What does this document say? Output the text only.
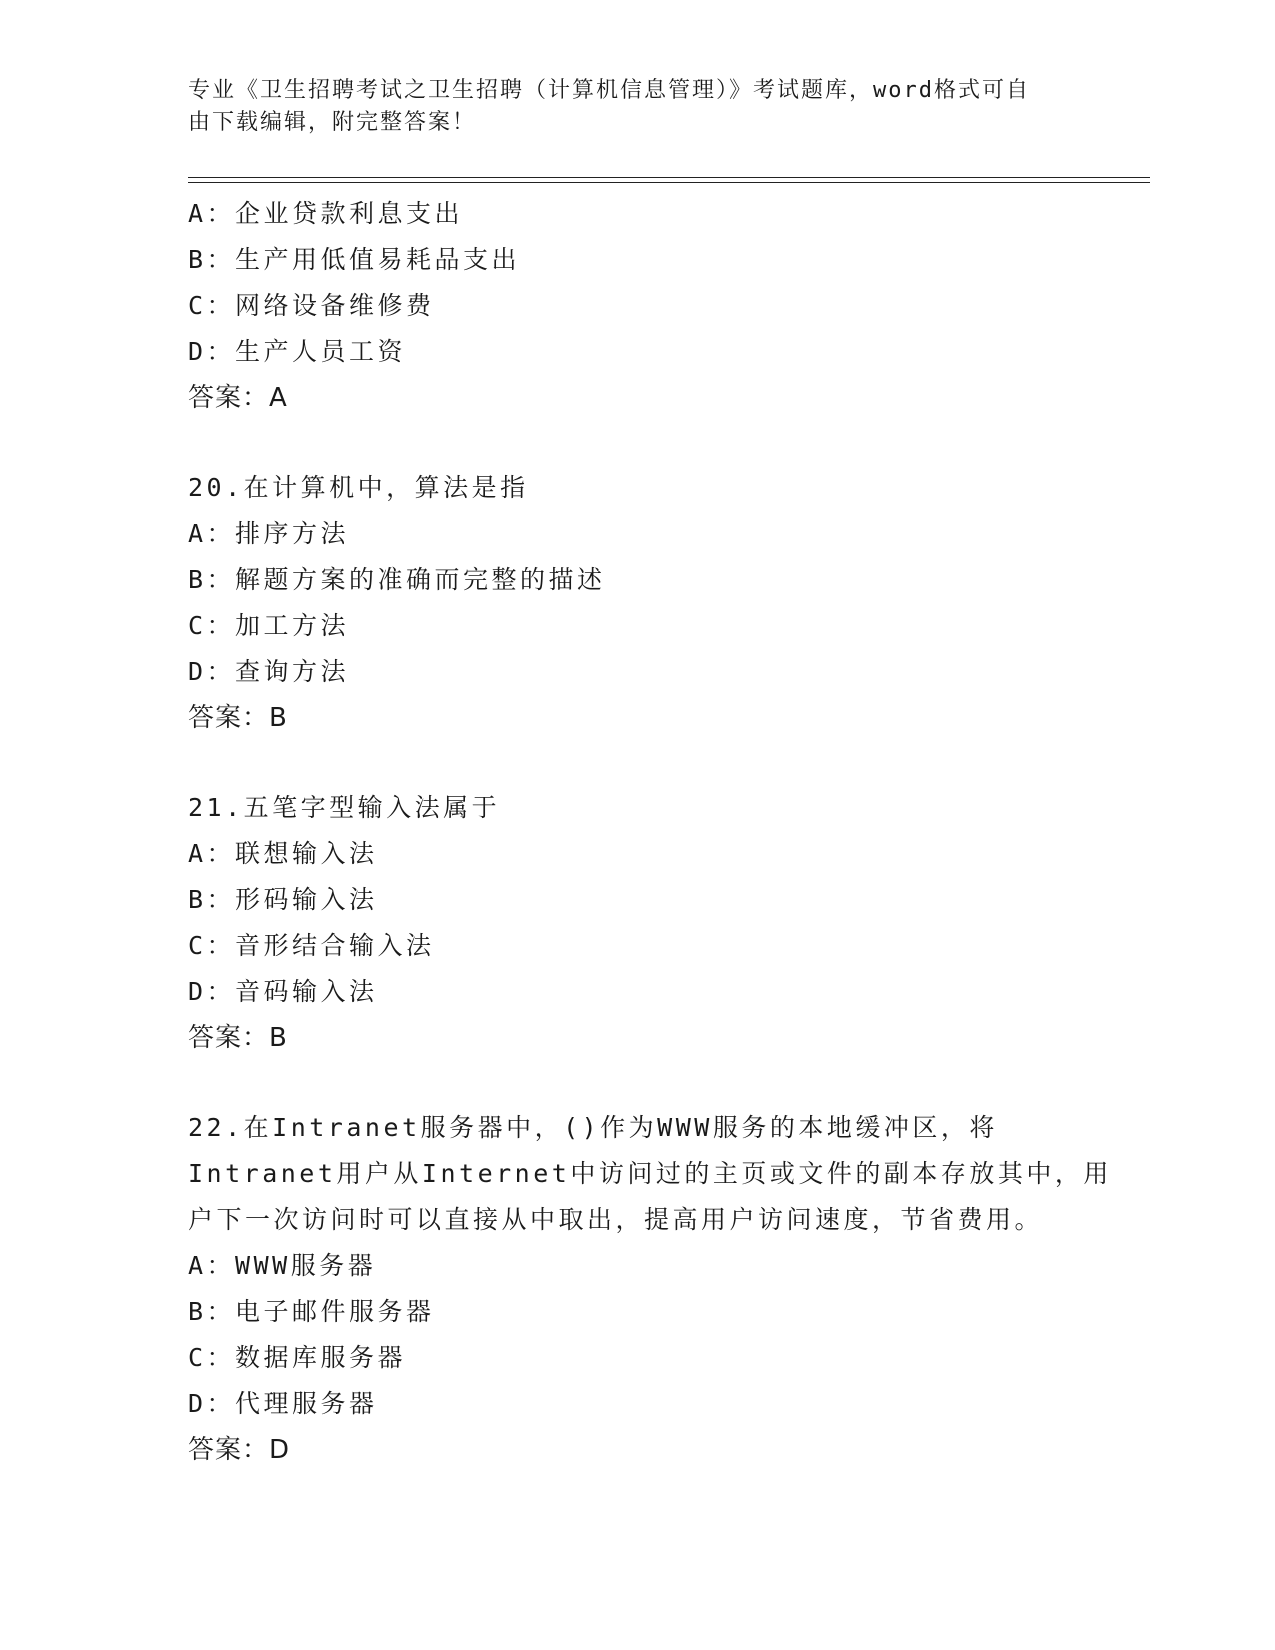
专业《卫生招聘考试之卫生招聘（计算机信息管理）》考试题库，word格式可自
由下载编辑，附完整答案！
A：企业贷款利息支出
B：生产用低值易耗品支出
C：网络设备维修费
D：生产人员工资
答案：A
20.在计算机中，算法是指
A：排序方法
B：解题方案的准确而完整的描述
C：加工方法
D：查询方法
答案：B
21.五笔字型输入法属于
A：联想输入法
B：形码输入法
C：音形结合输入法
D：音码输入法
答案：B
22.在Intranet服务器中，()作为WWW服务的本地缓冲区，将
Intranet用户从Internet中访问过的主页或文件的副本存放其中，用
户下一次访问时可以直接从中取出，提高用户访问速度，节省费用。
A：WWW服务器
B：电子邮件服务器
C：数据库服务器
D：代理服务器
答案：D
